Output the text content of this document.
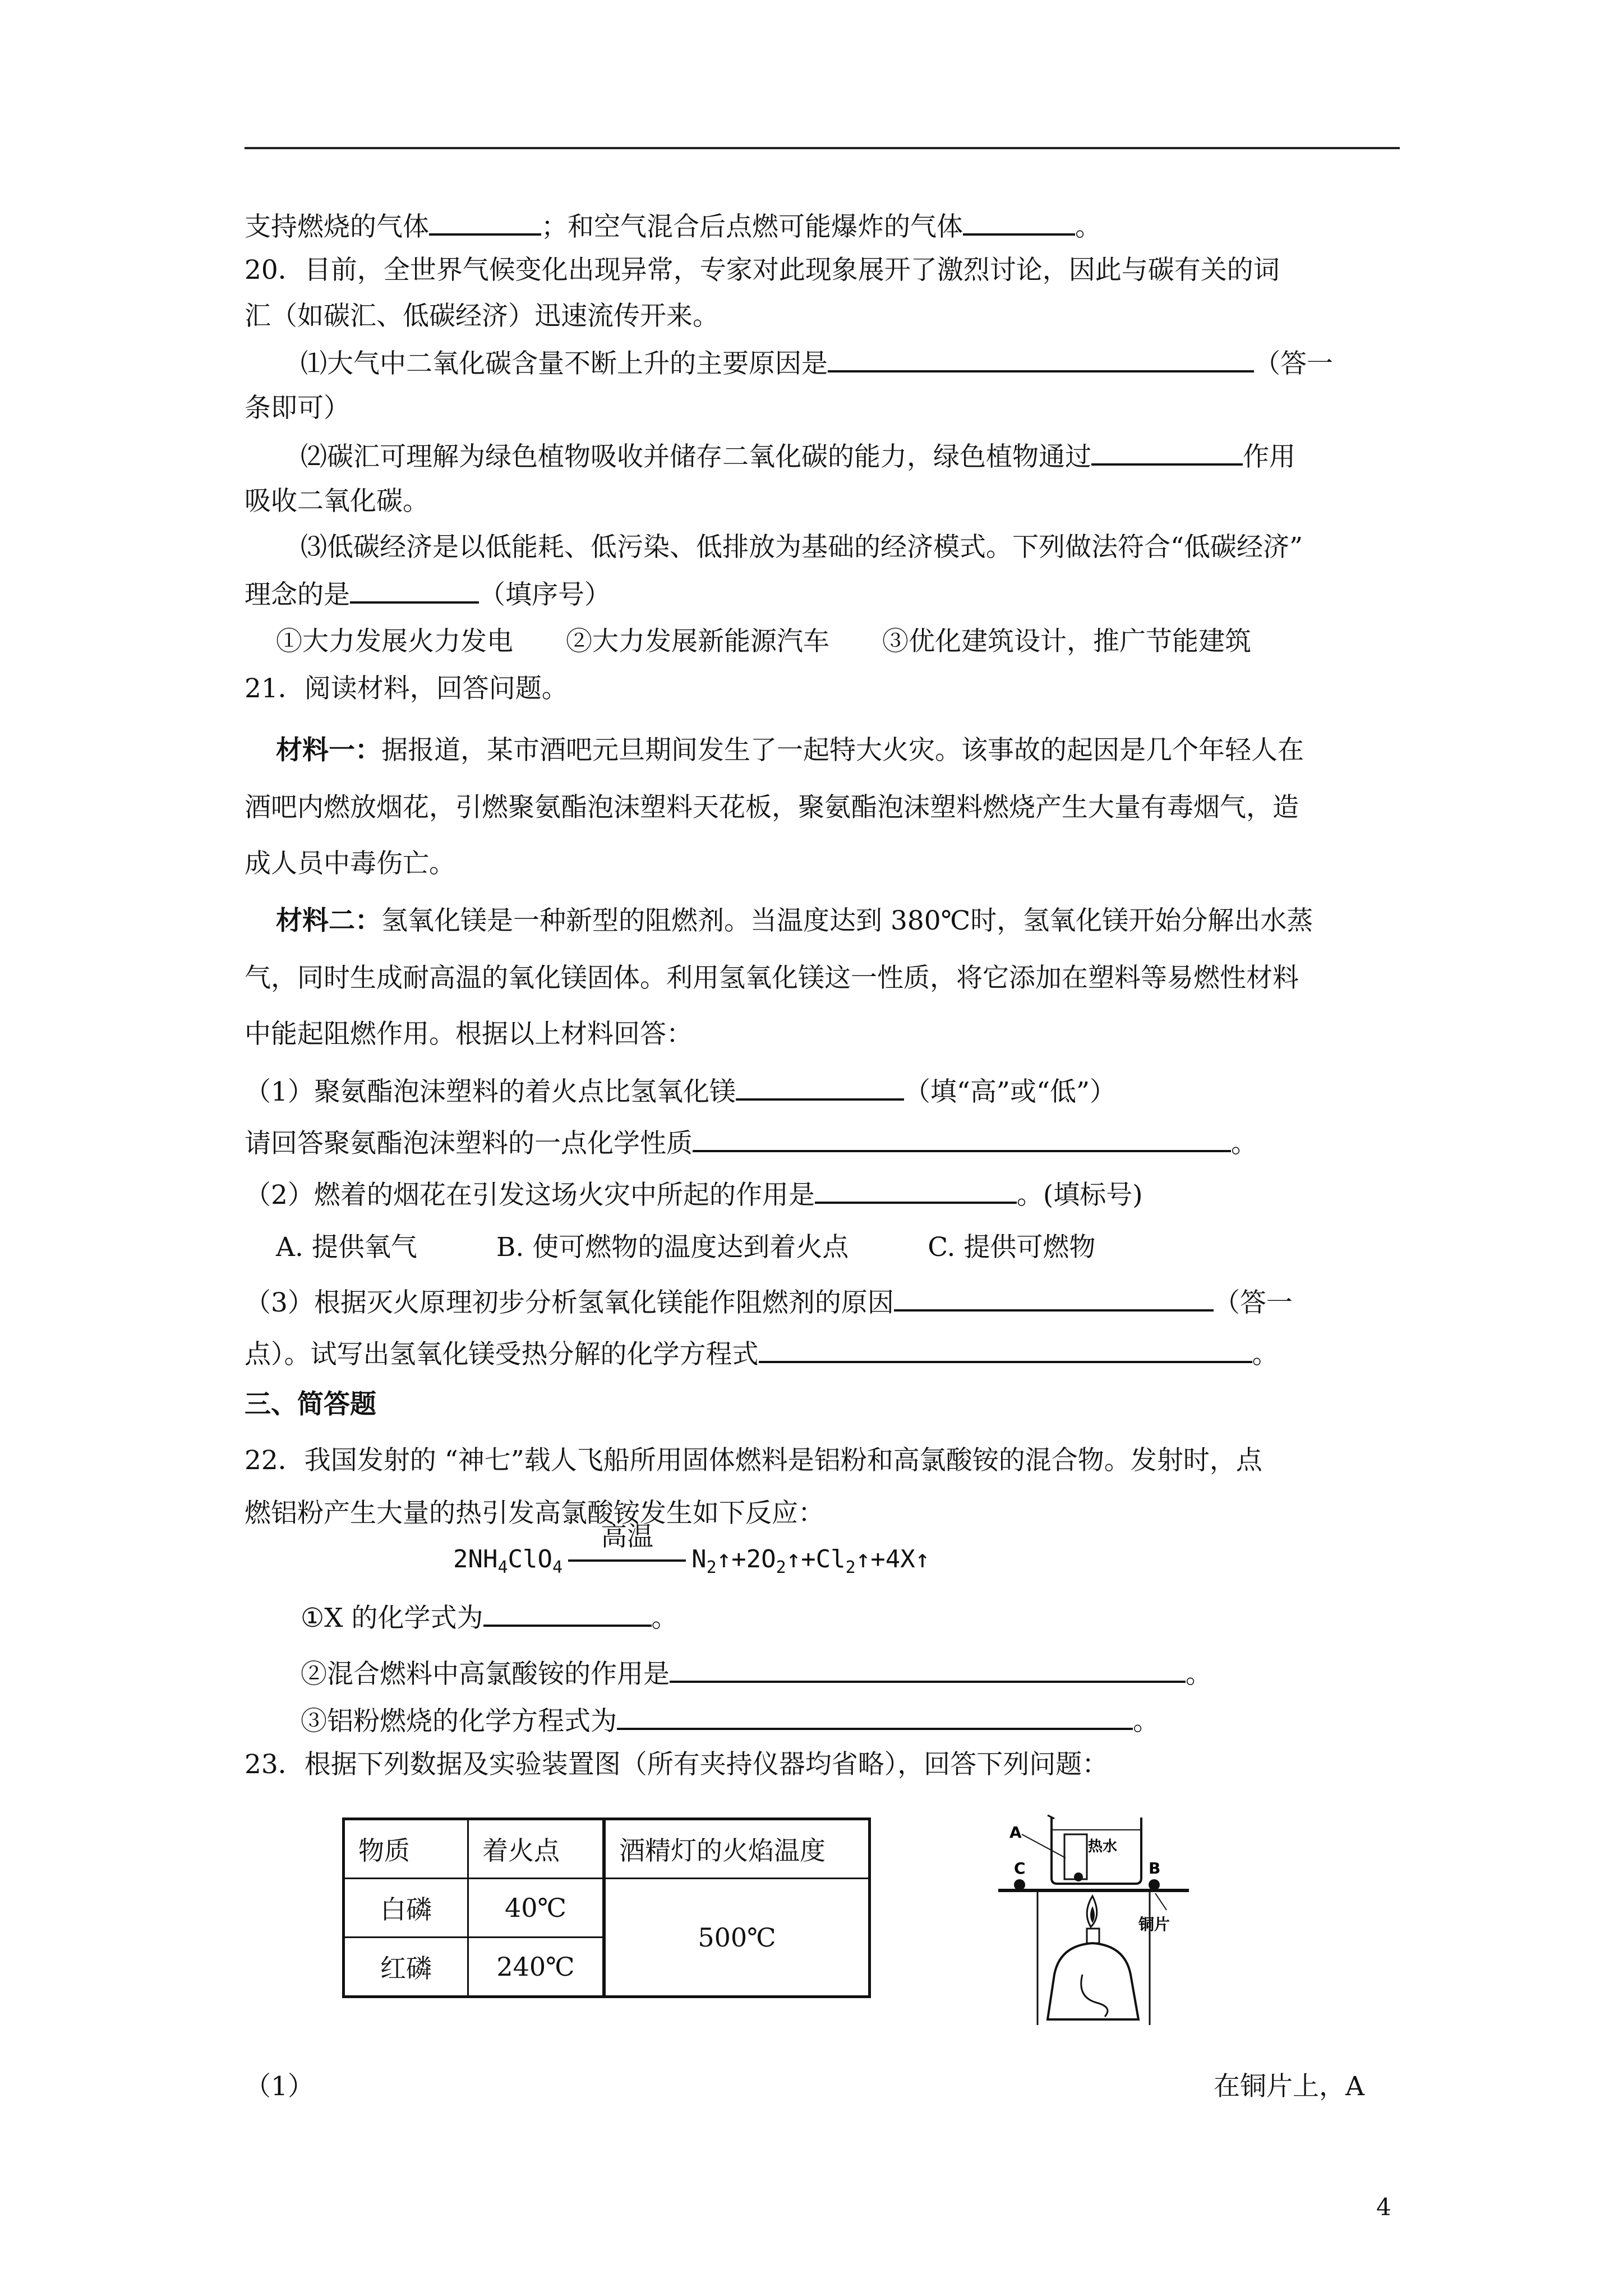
支持燃烧的气体	；和空气混合后点燃可能爆炸的气体	。
20．目前，全世界气候变化出现异常，专家对此现象展开了激烈讨论，因此与碳有关的词
汇（如碳汇、低碳经济）迅速流传开来。
⑴大气中二氧化碳含量不断上升的主要原因是	（答一
条即可）
⑵碳汇可理解为绿色植物吸收并储存二氧化碳的能力，绿色植物通过	作用
吸收二氧化碳。
⑶低碳经济是以低能耗、低污染、低排放为基础的经济模式。下列做法符合“低碳经济”
理念的是	（填序号）
①大力发展火力发电　　②大力发展新能源汽车　　③优化建筑设计，推广节能建筑
21．阅读材料，回答问题。
材料一：据报道，某市酒吧元旦期间发生了一起特大火灾。该事故的起因是几个年轻人在
酒吧内燃放烟花，引燃聚氨酯泡沫塑料天花板，聚氨酯泡沫塑料燃烧产生大量有毒烟气，造
成人员中毒伤亡。
材料二：氢氧化镁是一种新型的阻燃剂。当温度达到 380℃时，氢氧化镁开始分解出水蒸
气，同时生成耐高温的氧化镁固体。利用氢氧化镁这一性质，将它添加在塑料等易燃性材料
中能起阻燃作用。根据以上材料回答：
（1）聚氨酯泡沫塑料的着火点比氢氧化镁	（填“高”或“低”）
请回答聚氨酯泡沫塑料的一点化学性质	。
（2）燃着的烟花在引发这场火灾中所起的作用是	。(填标号)
A. 提供氧气　　　B. 使可燃物的温度达到着火点　　　C. 提供可燃物
（3）根据灭火原理初步分析氢氧化镁能作阻燃剂的原因	（答一
点）。试写出氢氧化镁受热分解的化学方程式	。
三、简答题
22．我国发射的 “神七”载人飞船所用固体燃料是铝粉和高氯酸铵的混合物。发射时，点
燃铝粉产生大量的热引发高氯酸铵发生如下反应：
$2NH_4ClO_4$
高温
$N_2↑+2O_2↑+Cl_2↑+4X↑$
①X 的化学式为	。
②混合燃料中高氯酸铵的作用是	。
③铝粉燃烧的化学方程式为	。
23．根据下列数据及实验装置图（所有夹持仪器均省略），回答下列问题：
物质	着火点	酒精灯的火焰温度
白磷	40℃	500℃
红磷	240℃	
热水
A
C	B
铜片
（1）	在铜片上，A
4
